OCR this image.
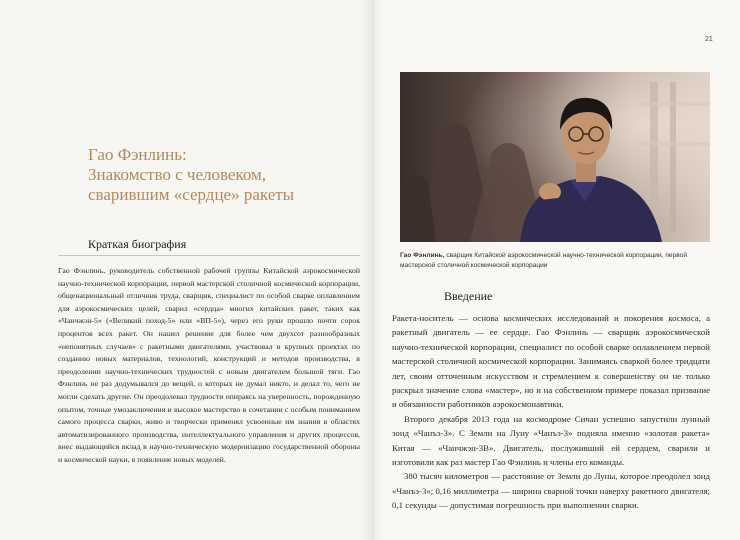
Гао Фэнлинь:
Знакомство с человеком,
сварившим «сердце» ракеты
Краткая биография

Гао Фэнлинь, руководитель собственной рабочей группы Китайской аэрокосмической научно-технической корпорации, первой мастерской столичной космической корпорации, общенациональный отличник труда, сварщик, специалист по особой сварке оплавлением для аэрокосмических целей, сварил «сердца» многих китайских ракет, таких как «Чанчжэн-5» («Великий поход-5» или «ВП-5»), через его руки прошло почти сорок процентов всех ракет. Он нашел решение для более чем двухсот разнообразных «непонятных случаев» с ракетными двигателями, участвовал в крупных проектах по созданию новых материалов, технологий, конструкций и методов производства, в преодолении научно-технических трудностей с новым двигателем большой тяги. Гао Фэнлинь не раз додумывался до вещей, о которых не думал никто, и делал то, чего не могли сделать другие. Он преодолевал трудности опираясь на уверенность, порожденную опытом, точные умозаключения и высокое мастерство в сочетании с особым пониманием самого процесса сварки, живо и творчески применял усвоенные им знания в областях автоматизированного производства, интеллектуального управления и других процессов, внес выдающийся вклад в научно-техническую модернизацию государственной обороны и космической науки, в появление новых моделей.

21

Гао Фэнлинь, сварщик Китайской аэрокосмической научно-технической корпорации, первой мастерской столичной космической корпорации

Введение

Ракета-носитель — основа космических исследований и покорения космоса, а ракетный двигатель — ее сердце. Гао Фэнлинь — сварщик аэрокосмической научно-технической корпорации, специалист по особой сварке оплавлением первой мастерской столичной космической корпорации. Занимаясь сваркой более тридцати лет, своим отточенным искусством и стремлением к совершенству он не только раскрыл значение слова «мастер», но и на собственном примере показал призвание и обязанности работников аэрокосмонавтики.

Второго декабря 2013 года на космодроме Сичан успешно запустили лунный зонд «Чанъэ-3». С Земли на Луну «Чанъэ-3» подняла именно «золотая ракета» Китая — «Чанчжэн-3В». Двигатель, послуживший ей сердцем, сварили и изготовили как раз мастер Гао Фэнлинь и члены его команды.

380 тысяч километров — расстояние от Земли до Луны, которое преодолел зонд «Чанъэ-3»; 0,16 миллиметра — ширина сварной точки наверху ракетного двигателя; 0,1 секунды — допустимая погрешность при выполнении сварки.
